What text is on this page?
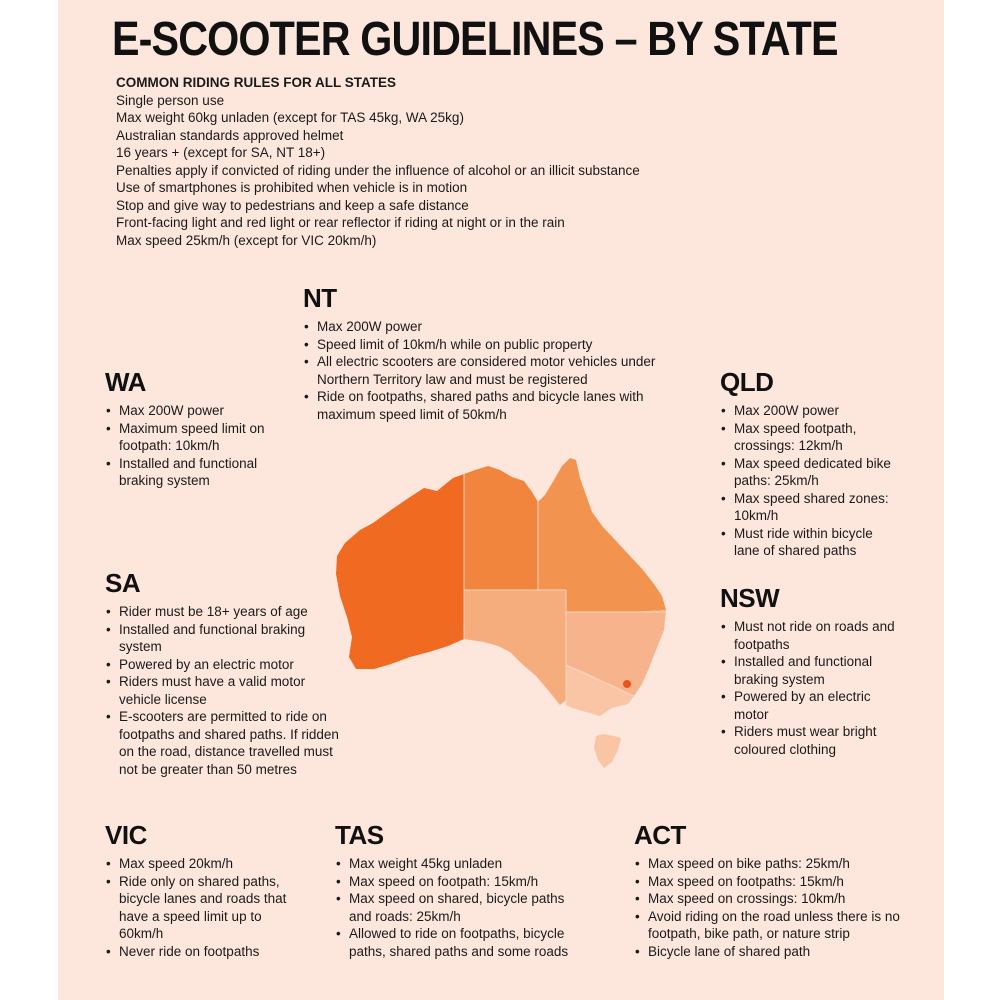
E-SCOOTER GUIDELINES – BY STATE
COMMON RIDING RULES FOR ALL STATES
Single person use
Max weight 60kg unladen (except for TAS 45kg, WA 25kg)
Australian standards approved helmet
16 years + (except for SA, NT 18+)
Penalties apply if convicted of riding under the influence of alcohol or an illicit substance
Use of smartphones is prohibited when vehicle is in motion
Stop and give way to pedestrians and keep a safe distance
Front-facing light and red light or rear reflector if riding at night or in the rain
Max speed 25km/h (except for VIC 20km/h)
NT
• Max 200W power
• Speed limit of 10km/h while on public property
• All electric scooters are considered motor vehicles under Northern Territory law and must be registered
• Ride on footpaths, shared paths and bicycle lanes with maximum speed limit of 50km/h
WA
• Max 200W power
• Maximum speed limit on footpath: 10km/h
• Installed and functional braking system
QLD
• Max 200W power
• Max speed footpath, crossings: 12km/h
• Max speed dedicated bike paths: 25km/h
• Max speed shared zones: 10km/h
• Must ride within bicycle lane of shared paths
SA
• Rider must be 18+ years of age
• Installed and functional braking system
• Powered by an electric motor
• Riders must have a valid motor vehicle license
• E-scooters are permitted to ride on footpaths and shared paths. If ridden on the road, distance travelled must not be greater than 50 metres
NSW
• Must not ride on roads and footpaths
• Installed and functional braking system
• Powered by an electric motor
• Riders must wear bright coloured clothing
VIC
• Max speed 20km/h
• Ride only on shared paths, bicycle lanes and roads that have a speed limit up to 60km/h
• Never ride on footpaths
TAS
• Max weight 45kg unladen
• Max speed on footpath: 15km/h
• Max speed on shared, bicycle paths and roads: 25km/h
• Allowed to ride on footpaths, bicycle paths, shared paths and some roads
ACT
• Max speed on bike paths: 25km/h
• Max speed on footpaths: 15km/h
• Max speed on crossings: 10km/h
• Avoid riding on the road unless there is no footpath, bike path, or nature strip
• Bicycle lane of shared path
